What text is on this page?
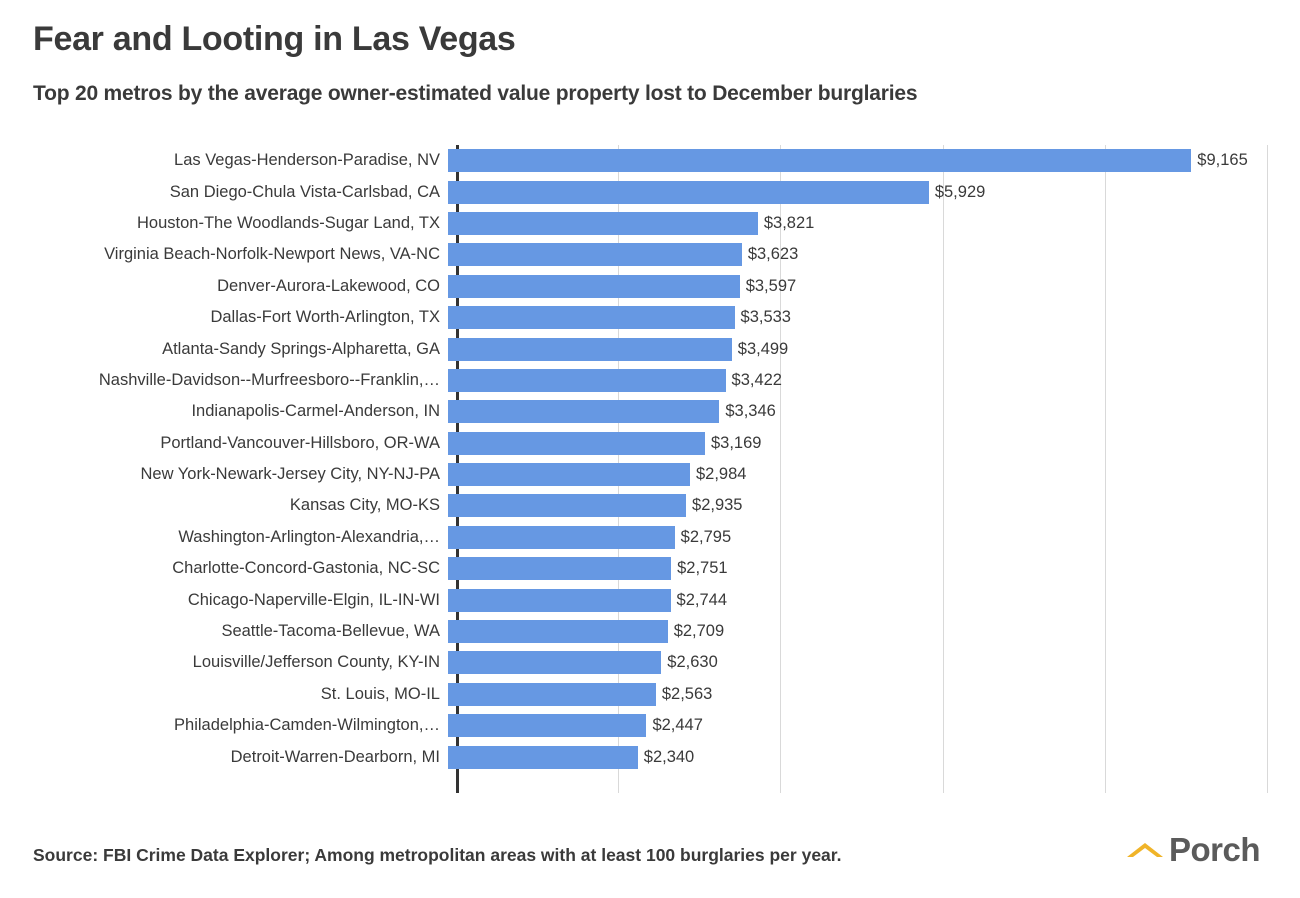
Fear and Looting in Las Vegas
Top 20 metros by the average owner-estimated value property lost to December burglaries
Las Vegas-Henderson-Paradise, NV	$9,165
San Diego-Chula Vista-Carlsbad, CA	$5,929
Houston-The Woodlands-Sugar Land, TX	$3,821
Virginia Beach-Norfolk-Newport News, VA-NC	$3,623
Denver-Aurora-Lakewood, CO	$3,597
Dallas-Fort Worth-Arlington, TX	$3,533
Atlanta-Sandy Springs-Alpharetta, GA	$3,499
Nashville-Davidson--Murfreesboro--Franklin,…	$3,422
Indianapolis-Carmel-Anderson, IN	$3,346
Portland-Vancouver-Hillsboro, OR-WA	$3,169
New York-Newark-Jersey City, NY-NJ-PA	$2,984
Kansas City, MO-KS	$2,935
Washington-Arlington-Alexandria,…	$2,795
Charlotte-Concord-Gastonia, NC-SC	$2,751
Chicago-Naperville-Elgin, IL-IN-WI	$2,744
Seattle-Tacoma-Bellevue, WA	$2,709
Louisville/Jefferson County, KY-IN	$2,630
St. Louis, MO-IL	$2,563
Philadelphia-Camden-Wilmington,…	$2,447
Detroit-Warren-Dearborn, MI	$2,340
Source: FBI Crime Data Explorer; Among metropolitan areas with at least 100 burglaries per year.	Porch
